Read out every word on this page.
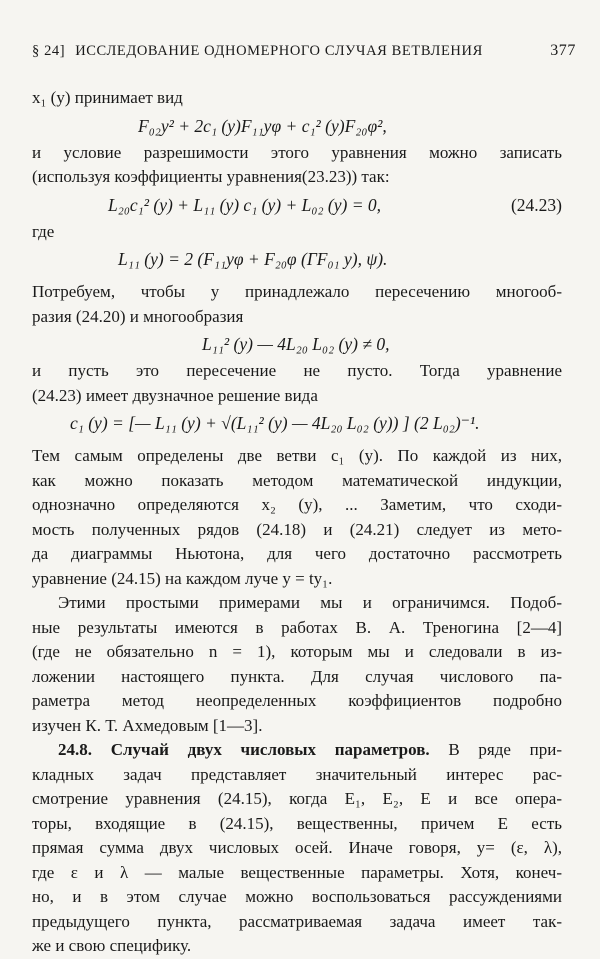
§ 24] ИССЛЕДОВАНИЕ ОДНОМЕРНОГО СЛУЧАЯ ВЕТВЛЕНИЯ	377
x₁ (y) принимает вид
F₀₂y² + 2c₁ (y)F₁₁yφ + c₁² (y)F₂₀φ²,
и условие разрешимости этого уравнения можно записать
(используя коэффициенты уравнения(23.23)) так:
(24.23)
L₂₀c₁² (y) + L₁₁ (y) c₁ (y) + L₀₂ (y) = 0,
где
L₁₁ (y) = 2 (F₁₁yφ + F₂₀φ (ΓF₀₁ y), ψ).
Потребуем, чтобы y принадлежало пересечению многооб-
разия (24.20) и многообразия
L₁₁² (y) — 4L₂₀ L₀₂ (y) ≠ 0,
и пусть это пересечение не пусто. Тогда уравнение
(24.23) имеет двузначное решение вида
c₁ (y) = [— L₁₁ (y) + √(L₁₁² (y) — 4L₂₀ L₀₂ (y)) ] (2 L₀₂)⁻¹.
Тем самым определены две ветви c₁ (y). По каждой из них,
как можно показать методом математической индукции,
однозначно определяются x₂ (y), ... Заметим, что сходи-
мость полученных рядов (24.18) и (24.21) следует из мето-
да диаграммы Ньютона, для чего достаточно рассмотреть
уравнение (24.15) на каждом луче y = ty₁.
Этими простыми примерами мы и ограничимся. Подоб-
ные результаты имеются в работах В. А. Треногина [2—4]
(где не обязательно n = 1), которым мы и следовали в из-
ложении настоящего пункта. Для случая числового па-
раметра метод неопределенных коэффициентов подробно
изучен К. Т. Ахмедовым [1—3].
24.8. Случай двух числовых параметров. В ряде при-
кладных задач представляет значительный интерес рас-
смотрение уравнения (24.15), когда E₁, E₂, E и все опера-
торы, входящие в (24.15), вещественны, причем E есть
прямая сумма двух числовых осей. Иначе говоря, y= (ε, λ),
где ε и λ — малые вещественные параметры. Хотя, конеч-
но, и в этом случае можно воспользоваться рассуждениями
предыдущего пункта, рассматриваемая задача имеет так-
же и свою специфику.
